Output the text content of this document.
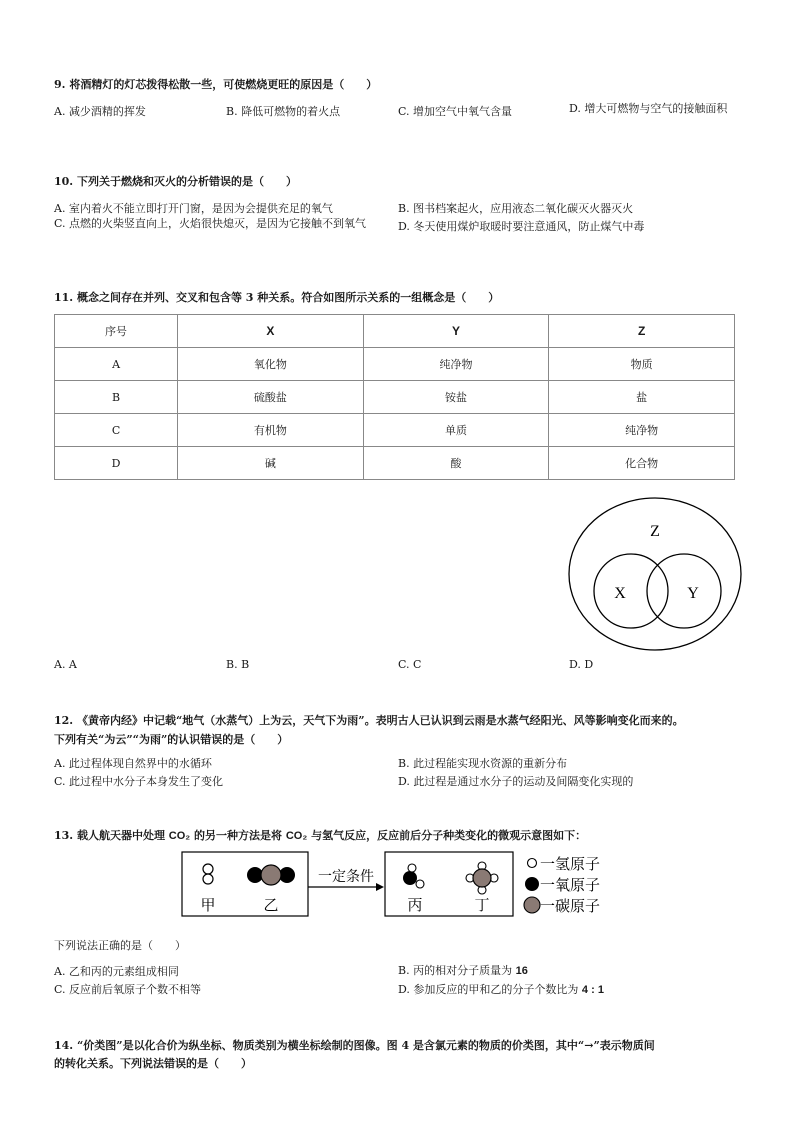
9. 将酒精灯的灯芯拨得松散一些，可使燃烧更旺的原因是（　　）
A. 减少酒精的挥发	B. 降低可燃物的着火点	C. 增加空气中氧气含量	D. 增大可燃物与空气的接触面积
10. 下列关于燃烧和灭火的分析错误的是（　　）
A. 室内着火不能立即打开门窗，是因为会提供充足的氧气	B. 图书档案起火，应用液态二氧化碳灭火器灭火
C. 点燃的火柴竖直向上，火焰很快熄灭，是因为它接触不到氧气	D. 冬天使用煤炉取暖时要注意通风，防止煤气中毒
11. 概念之间存在并列、交叉和包含等 3 种关系。符合如图所示关系的一组概念是（　　）
序号	X	Y	Z
A	氧化物	纯净物	物质
B	硫酸盐	铵盐	盐
C	有机物	单质	纯净物
D	碱	酸	化合物
Z
X	Y
A. A	B. B	C. C	D. D
12. 《黄帝内经》中记载“地气（水蒸气）上为云，天气下为雨”。表明古人已认识到云雨是水蒸气经阳光、风等影响变化而来的。
下列有关“为云”“为雨”的认识错误的是（　　）
A. 此过程体现自然界中的水循环	B. 此过程能实现水资源的重新分布
C. 此过程中水分子本身发生了变化	D. 此过程是通过水分子的运动及间隔变化实现的
13. 载人航天器中处理 CO₂ 的另一种方法是将 CO₂ 与氢气反应，反应前后分子种类变化的微观示意图如下：
甲	乙
一定条件
丙	丁
一氢原子
一氧原子
一碳原子
下列说法正确的是（　　）
A. 乙和丙的元素组成相同	B. 丙的相对分子质量为 16
C. 反应前后氧原子个数不相等	D. 参加反应的甲和乙的分子个数比为 4 : 1
14. “价类图”是以化合价为纵坐标、物质类别为横坐标绘制的图像。图 4 是含氯元素的物质的价类图，其中“→”表示物质间
的转化关系。下列说法错误的是（　　）
